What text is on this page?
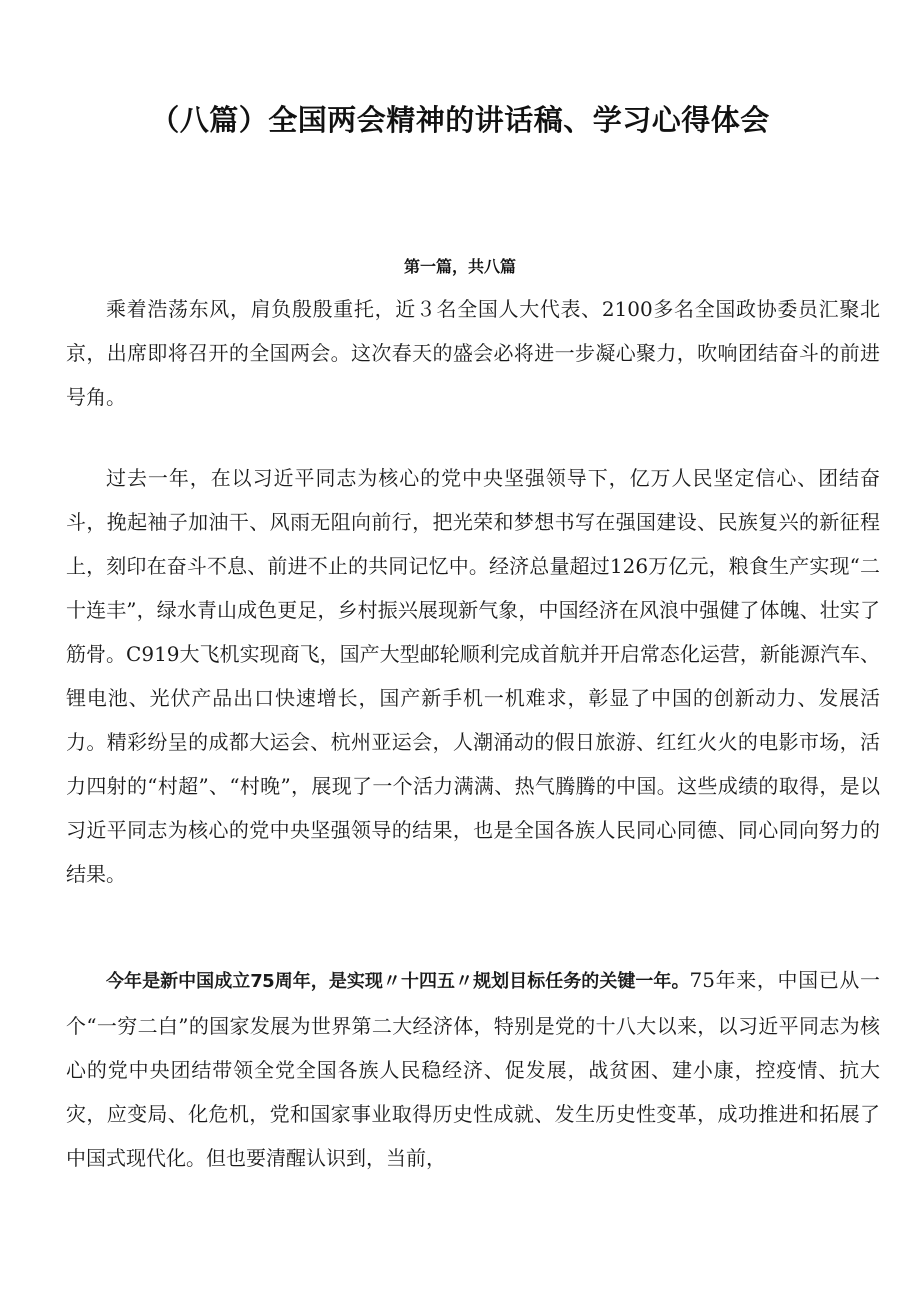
（八篇）全国两会精神的讲话稿、学习心得体会
第一篇，共八篇

乘着浩荡东风，肩负殷殷重托，近３名全国人大代表、2100多名全国政协委员汇聚北京，出席即将召开的全国两会。这次春天的盛会必将进一步凝心聚力，吹响团结奋斗的前进号角。

过去一年，在以习近平同志为核心的党中央坚强领导下，亿万人民坚定信心、团结奋斗，挽起袖子加油干、风雨无阻向前行，把光荣和梦想书写在强国建设、民族复兴的新征程上，刻印在奋斗不息、前进不止的共同记忆中。经济总量超过126万亿元，粮食生产实现“二十连丰”，绿水青山成色更足，乡村振兴展现新气象，中国经济在风浪中强健了体魄、壮实了筋骨。C919大飞机实现商飞，国产大型邮轮顺利完成首航并开启常态化运营，新能源汽车、锂电池、光伏产品出口快速增长，国产新手机一机难求，彰显了中国的创新动力、发展活力。精彩纷呈的成都大运会、杭州亚运会，人潮涌动的假日旅游、红红火火的电影市场，活力四射的“村超”、“村晚”，展现了一个活力满满、热气腾腾的中国。这些成绩的取得，是以习近平同志为核心的党中央坚强领导的结果，也是全国各族人民同心同德、同心同向努力的结果。

今年是新中国成立75周年，是实现〃十四五〃规划目标任务的关键一年。75年来，中国已从一个“一穷二白”的国家发展为世界第二大经济体，特别是党的十八大以来，以习近平同志为核心的党中央团结带领全党全国各族人民稳经济、促发展，战贫困、建小康，控疫情、抗大灾，应变局、化危机，党和国家事业取得历史性成就、发生历史性变革，成功推进和拓展了中国式现代化。但也要清醒认识到，当前，
